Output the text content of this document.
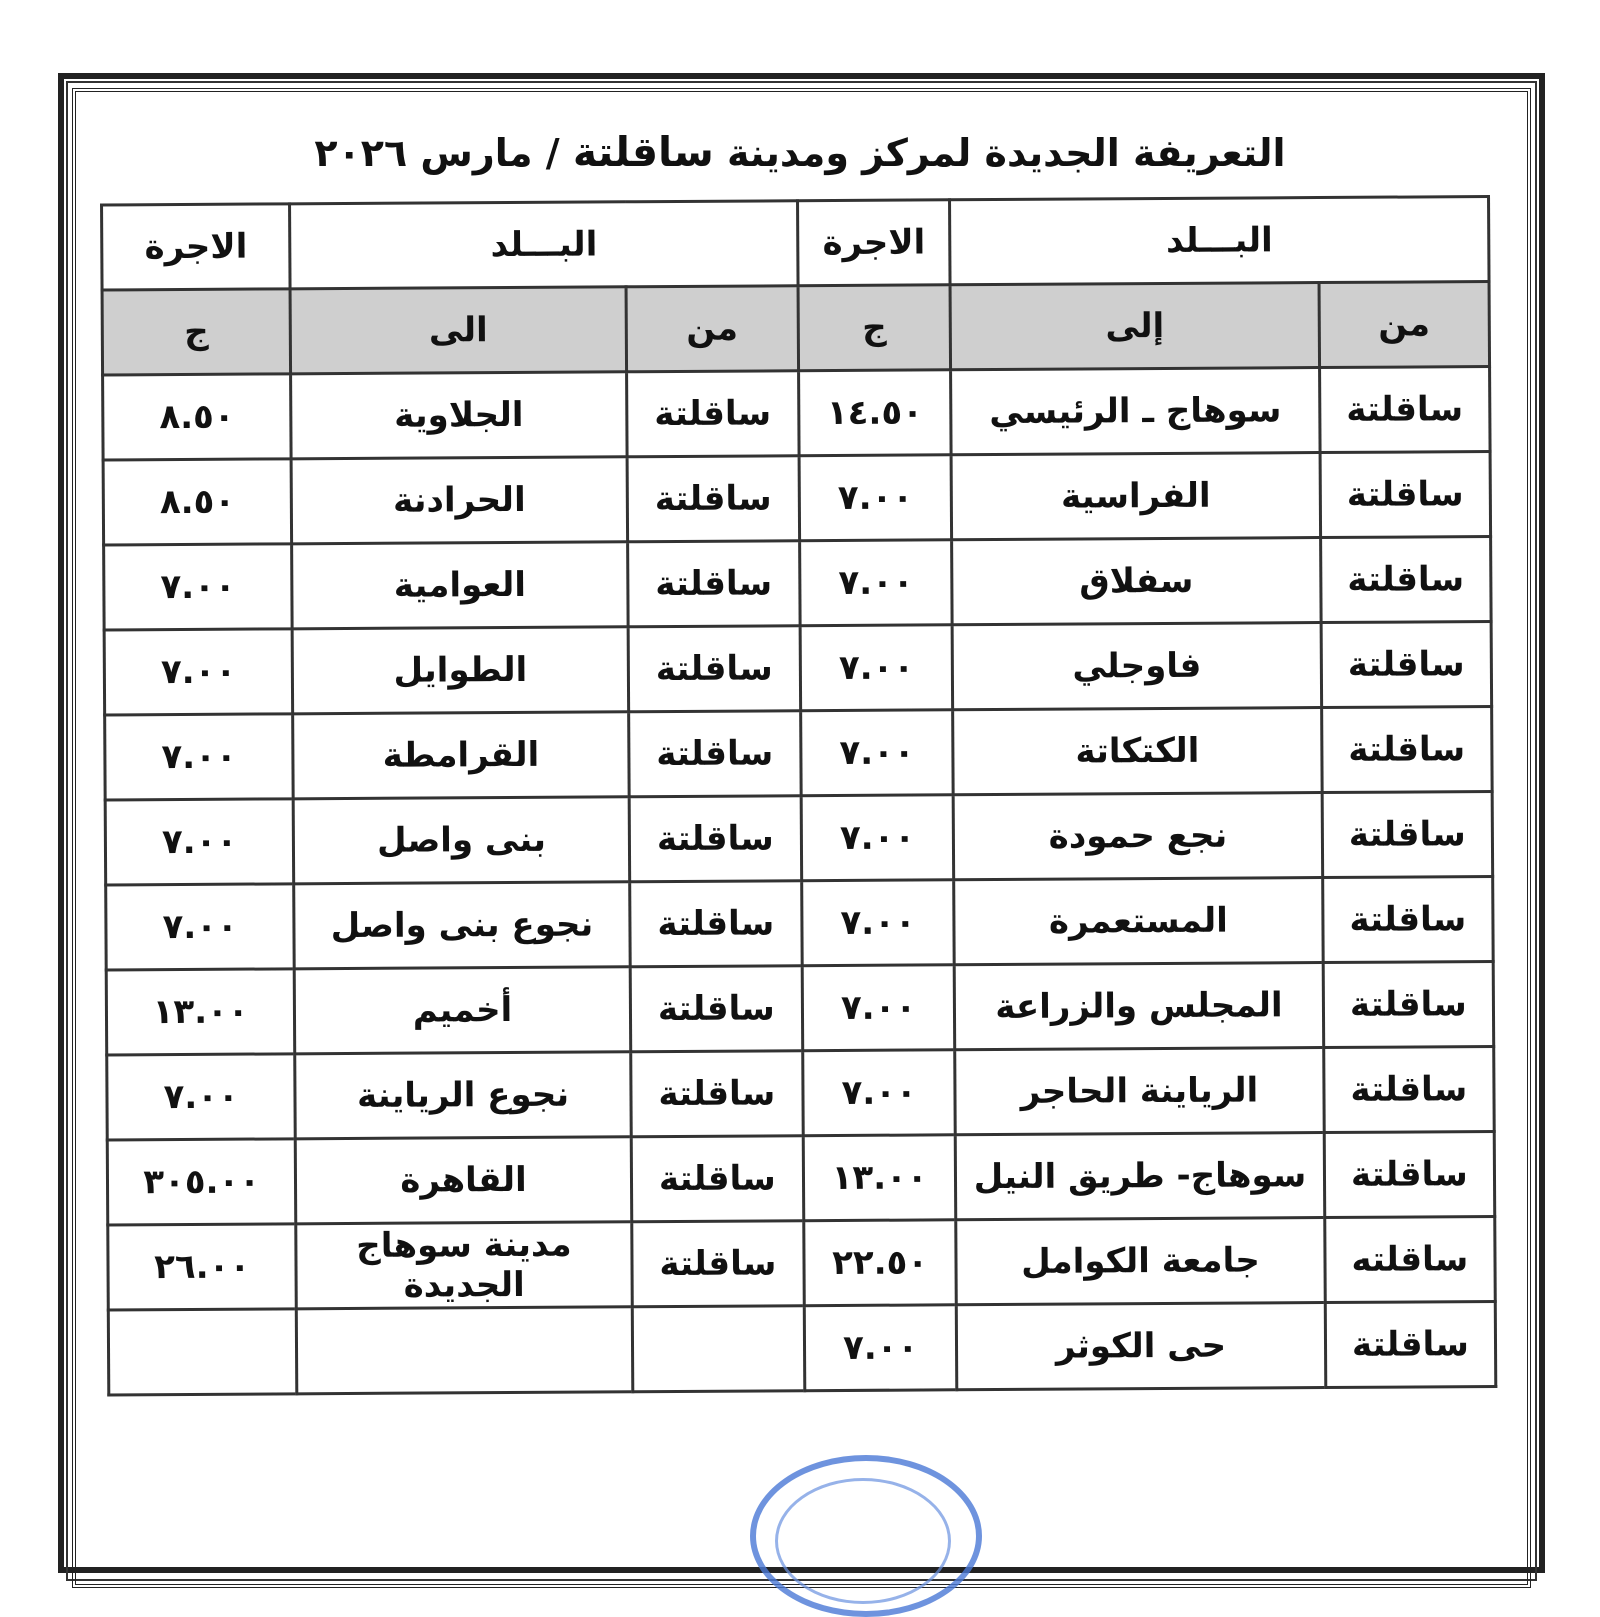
التعريفة الجديدة لمركز ومدينة ساقلتة / مارس ٢٠٢٦
البـــلد		الاجرة	البـــلد		الاجرة
من	إلى	ج	من	الى	ج
ساقلتة	سوهاج ـ الرئيسي	١٤.٥٠	ساقلتة	الجلاوية	٨.٥٠
ساقلتة	الفراسية	٧.٠٠	ساقلتة	الحرادنة	٨.٥٠
ساقلتة	سفلاق	٧.٠٠	ساقلتة	العوامية	٧.٠٠
ساقلتة	فاوجلي	٧.٠٠	ساقلتة	الطوايل	٧.٠٠
ساقلتة	الكتكاتة	٧.٠٠	ساقلتة	القرامطة	٧.٠٠
ساقلتة	نجع حمودة	٧.٠٠	ساقلتة	بنى واصل	٧.٠٠
ساقلتة	المستعمرة	٧.٠٠	ساقلتة	نجوع بنى واصل	٧.٠٠
ساقلتة	المجلس والزراعة	٧.٠٠	ساقلتة	أخميم	١٣.٠٠
ساقلتة	الرياينة الحاجر	٧.٠٠	ساقلتة	نجوع الرياينة	٧.٠٠
ساقلتة	سوهاج- طريق النيل	١٣.٠٠	ساقلتة	القاهرة	٣٠٥.٠٠
ساقلته	جامعة الكوامل	٢٢.٥٠	ساقلتة	مدينة سوهاج الجديدة	٢٦.٠٠
ساقلتة	حى الكوثر	٧.٠٠			
